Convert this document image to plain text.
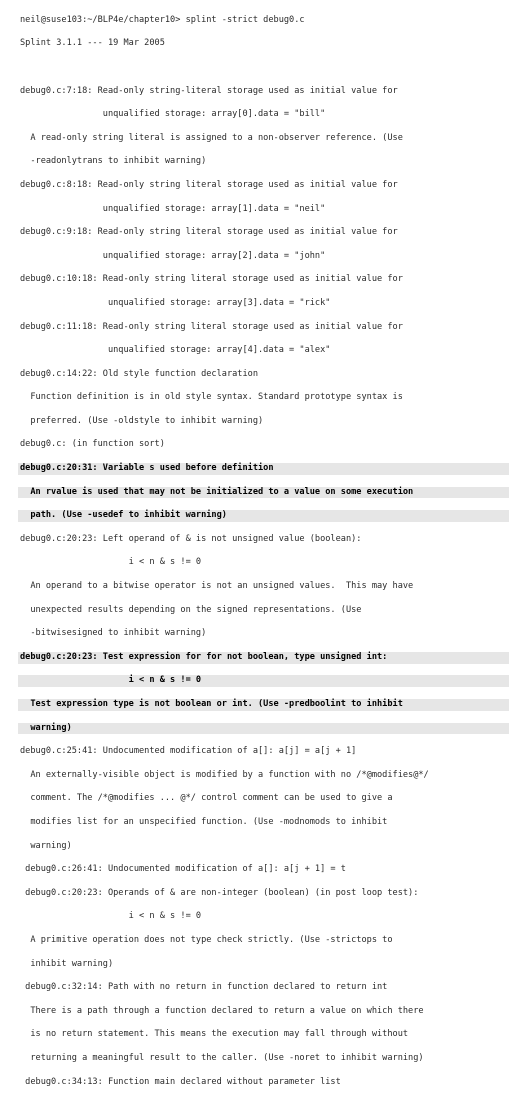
neil@suse103:~/BLP4e/chapter10> splint -strict debug0.c

Splint 3.1.1 --- 19 Mar 2005

debug0.c:7:18: Read-only string-literal storage used as initial value for

unqualified storage: array[0].data = "bill"

A read-only string literal is assigned to a non-observer reference. (Use

-readonlytrans to inhibit warning)

debug0.c:8:18: Read-only string literal storage used as initial value for

unqualified storage: array[1].data = "neil"

debug0.c:9:18: Read-only string literal storage used as initial value for

unqualified storage: array[2].data = "john"

debug0.c:10:18: Read-only string literal storage used as initial value for

unqualified storage: array[3].data = "rick"

debug0.c:11:18: Read-only string literal storage used as initial value for

unqualified storage: array[4].data = "alex"

debug0.c:14:22: Old style function declaration

Function definition is in old style syntax. Standard prototype syntax is

preferred. (Use -oldstyle to inhibit warning)

debug0.c: (in function sort)

debug0.c:20:31: Variable s used before definition

An rvalue is used that may not be initialized to a value on some execution

path. (Use -usedef to inhibit warning)

debug0.c:20:23: Left operand of & is not unsigned value (boolean):

i < n & s != 0

An operand to a bitwise operator is not an unsigned values.  This may have

unexpected results depending on the signed representations. (Use

-bitwisesigned to inhibit warning)

debug0.c:20:23: Test expression for for not boolean, type unsigned int:

i < n & s != 0

Test expression type is not boolean or int. (Use -predboolint to inhibit

warning)

debug0.c:25:41: Undocumented modification of a[]: a[j] = a[j + 1]

An externally-visible object is modified by a function with no /*@modifies@*/

comment. The /*@modifies ... @*/ control comment can be used to give a

modifies list for an unspecified function. (Use -modnomods to inhibit

warning)

debug0.c:26:41: Undocumented modification of a[]: a[j + 1] = t

debug0.c:20:23: Operands of & are non-integer (boolean) (in post loop test):

i < n & s != 0

A primitive operation does not type check strictly. (Use -strictops to

inhibit warning)

debug0.c:32:14: Path with no return in function declared to return int

There is a path through a function declared to return a value on which there

is no return statement. This means the execution may fall through without

returning a meaningful result to the caller. (Use -noret to inhibit warning)

debug0.c:34:13: Function main declared without parameter list
